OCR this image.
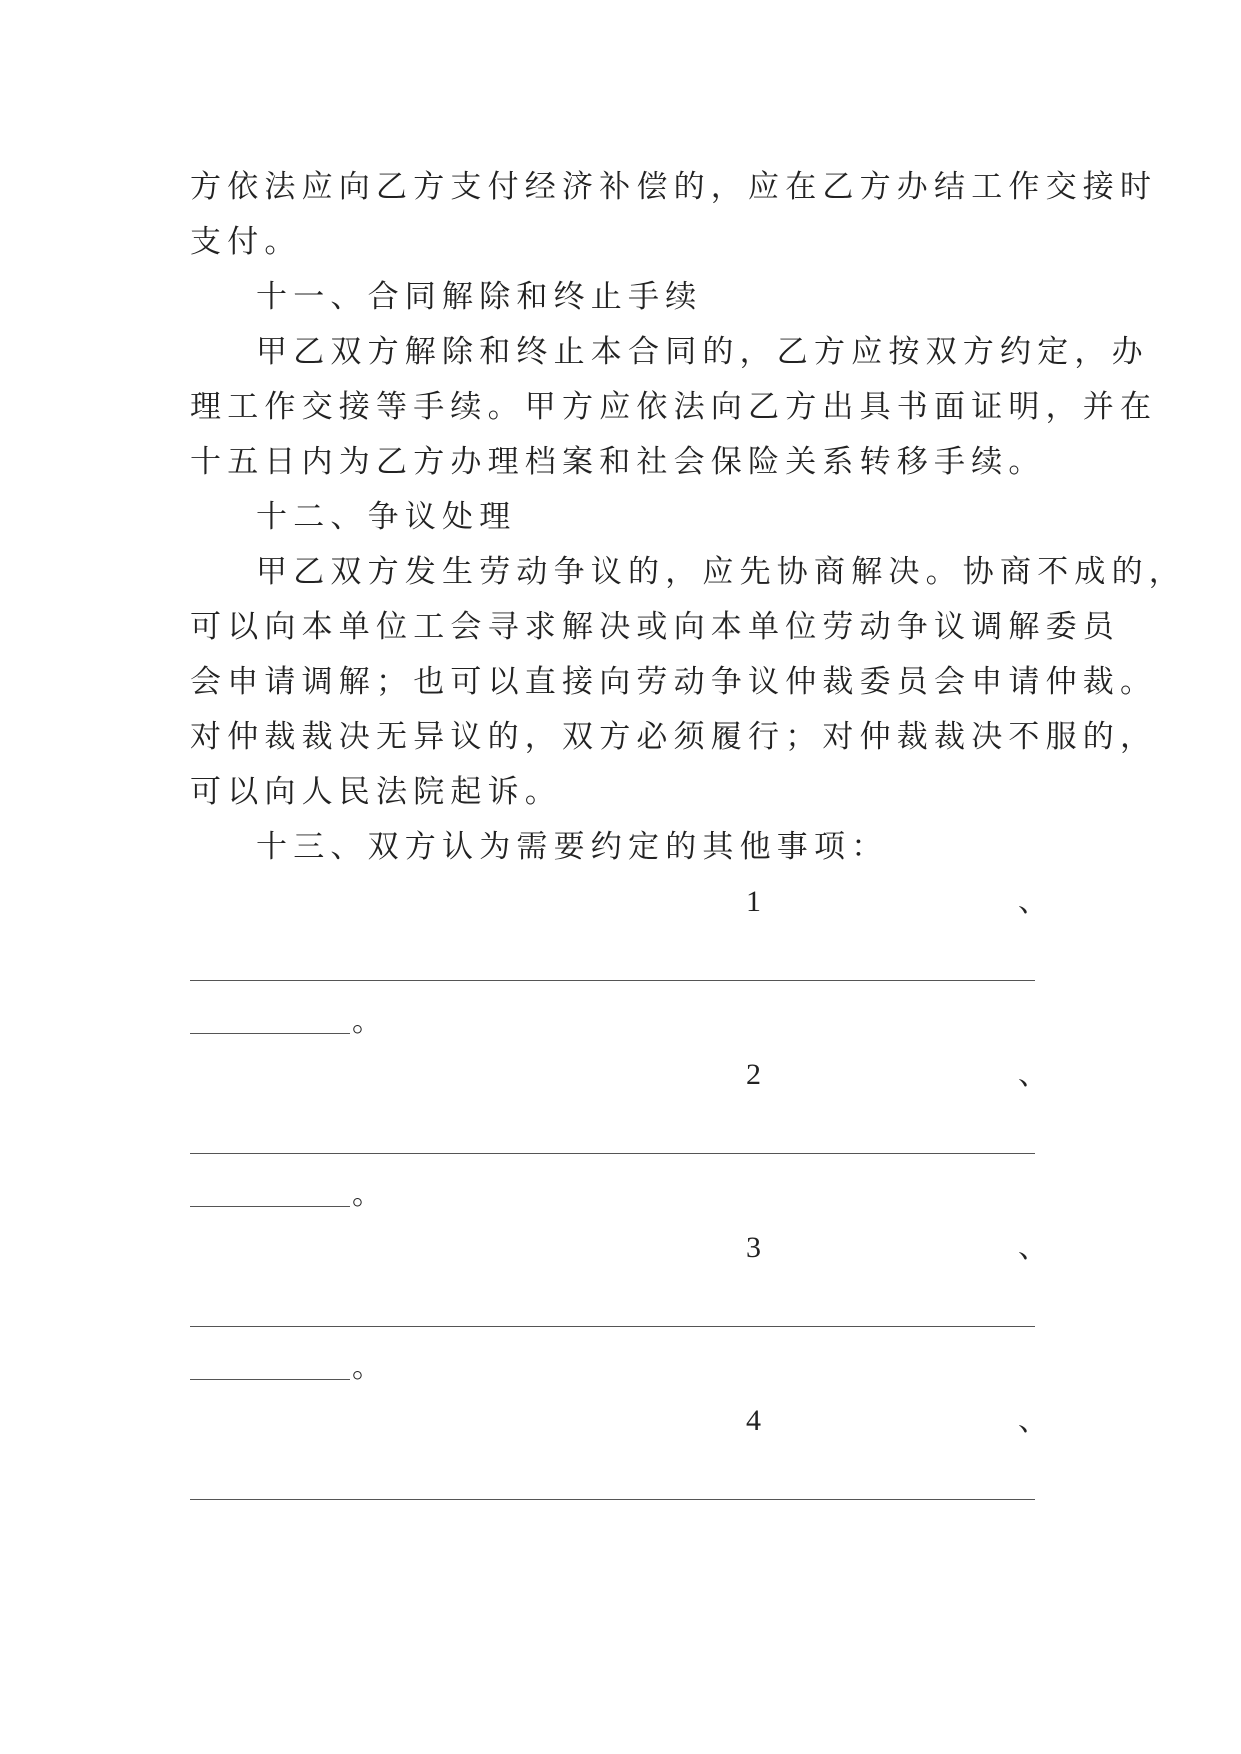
方依法应向乙方支付经济补偿的，应在乙方办结工作交接时
支付。
十一、合同解除和终止手续
甲乙双方解除和终止本合同的，乙方应按双方约定，办
理工作交接等手续。甲方应依法向乙方出具书面证明，并在
十五日内为乙方办理档案和社会保险关系转移手续。
十二、争议处理
甲乙双方发生劳动争议的，应先协商解决。协商不成的，
可以向本单位工会寻求解决或向本单位劳动争议调解委员
会申请调解；也可以直接向劳动争议仲裁委员会申请仲裁。
对仲裁裁决无异议的，双方必须履行；对仲裁裁决不服的，
可以向人民法院起诉。
十三、双方认为需要约定的其他事项：
1	、
。
2	、
。
3	、
。
4	、
